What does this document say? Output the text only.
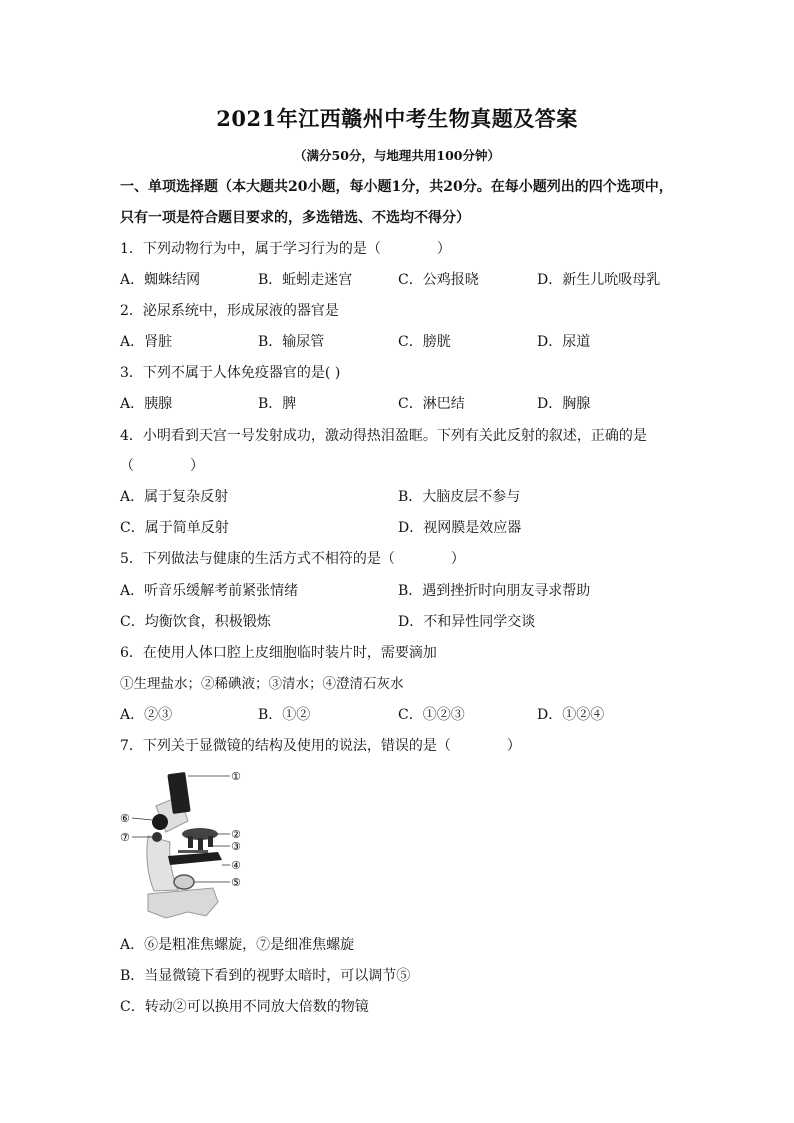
2021年江西赣州中考生物真题及答案
（满分50分，与地理共用100分钟）
一、单项选择题（本大题共20小题，每小题1分，共20分。在每小题列出的四个选项中，
只有一项是符合题目要求的，多选错选、不选均不得分）
1．下列动物行为中，属于学习行为的是（　　　　）
A．蜘蛛结网	B．蚯蚓走迷宫	C．公鸡报晓	D．新生儿吮吸母乳
2．泌尿系统中，形成尿液的器官是
A．肾脏	B．输尿管	C．膀胱	D．尿道
3．下列不属于人体免疫器官的是( )
A．胰腺	B．脾	C．淋巴结	D．胸腺
4．小明看到天宫一号发射成功，激动得热泪盈眶。下列有关此反射的叙述，正确的是
（　　　　）
A．属于复杂反射	B．大脑皮层不参与
C．属于简单反射	D．视网膜是效应器
5．下列做法与健康的生活方式不相符的是（　　　　）
A．听音乐缓解考前紧张情绪	B．遇到挫折时向朋友寻求帮助
C．均衡饮食，积极锻炼	D．不和异性同学交谈
6．在使用人体口腔上皮细胞临时装片时，需要滴加
①生理盐水；②稀碘液；③清水；④澄清石灰水
A．②③	B．①②	C．①②③	D．①②④
7．下列关于显微镜的结构及使用的说法，错误的是（　　　　）
①
②
③
④
⑤
⑥
⑦
A．⑥是粗准焦螺旋，⑦是细准焦螺旋
B．当显微镜下看到的视野太暗时，可以调节⑤
C．转动②可以换用不同放大倍数的物镜
